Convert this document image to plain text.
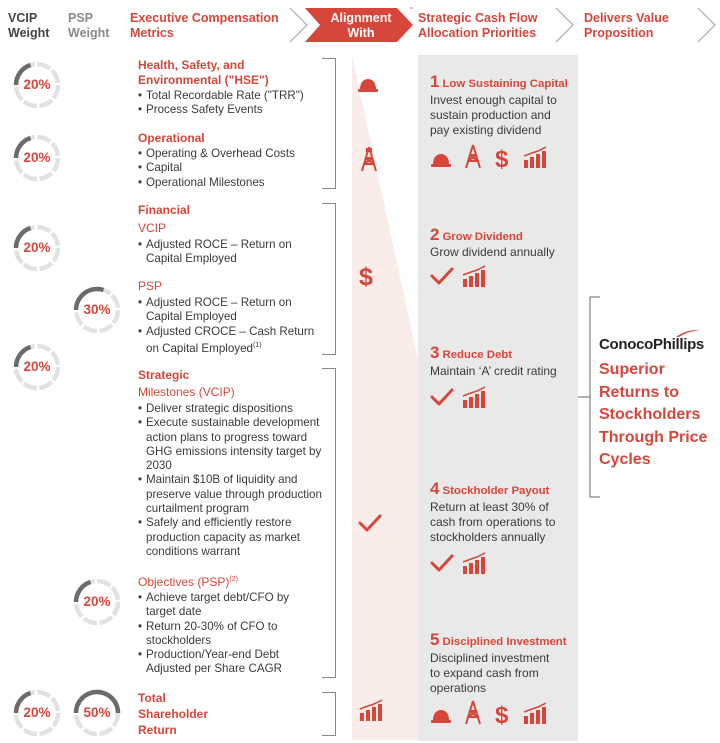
VCIP Weight
PSP Weight
Executive Compensation Metrics
Alignment With
Strategic Cash Flow Allocation Priorities
Delivers Value Proposition
20%
20%
20%
30%
20%
20%
20%	50%
Health, Safety, and Environmental ("HSE")
• Total Recordable Rate ("TRR")
• Process Safety Events
Operational
• Operating & Overhead Costs
• Capital
• Operational Milestones
Financial
VCIP
• Adjusted ROCE – Return on Capital Employed
PSP
• Adjusted ROCE – Return on Capital Employed
• Adjusted CROCE – Cash Return on Capital Employed$^{(1)}$
Strategic
Milestones (VCIP)
• Deliver strategic dispositions
• Execute sustainable development action plans to progress toward GHG emissions intensity target by 2030
• Maintain $10B of liquidity and preserve value through production curtailment program
• Safely and efficiently restore production capacity as market conditions warrant
Objectives (PSP)$^{(2)}$
• Achieve target debt/CFO by target date
• Return 20-30% of CFO to stockholders
• Production/Year-end Debt Adjusted per Share CAGR
Total Shareholder Return
$
1 Low Sustaining Capital
Invest enough capital to sustain production and pay existing dividend
2 Grow Dividend
Grow dividend annually
3 Reduce Debt
Maintain ‘A’ credit rating
4 Stockholder Payout
Return at least 30% of cash from operations to stockholders annually
5 Disciplined Investment
Disciplined investment to expand cash from operations
$
$
ConocoPhillips
Superior Returns to Stockholders Through Price Cycles
